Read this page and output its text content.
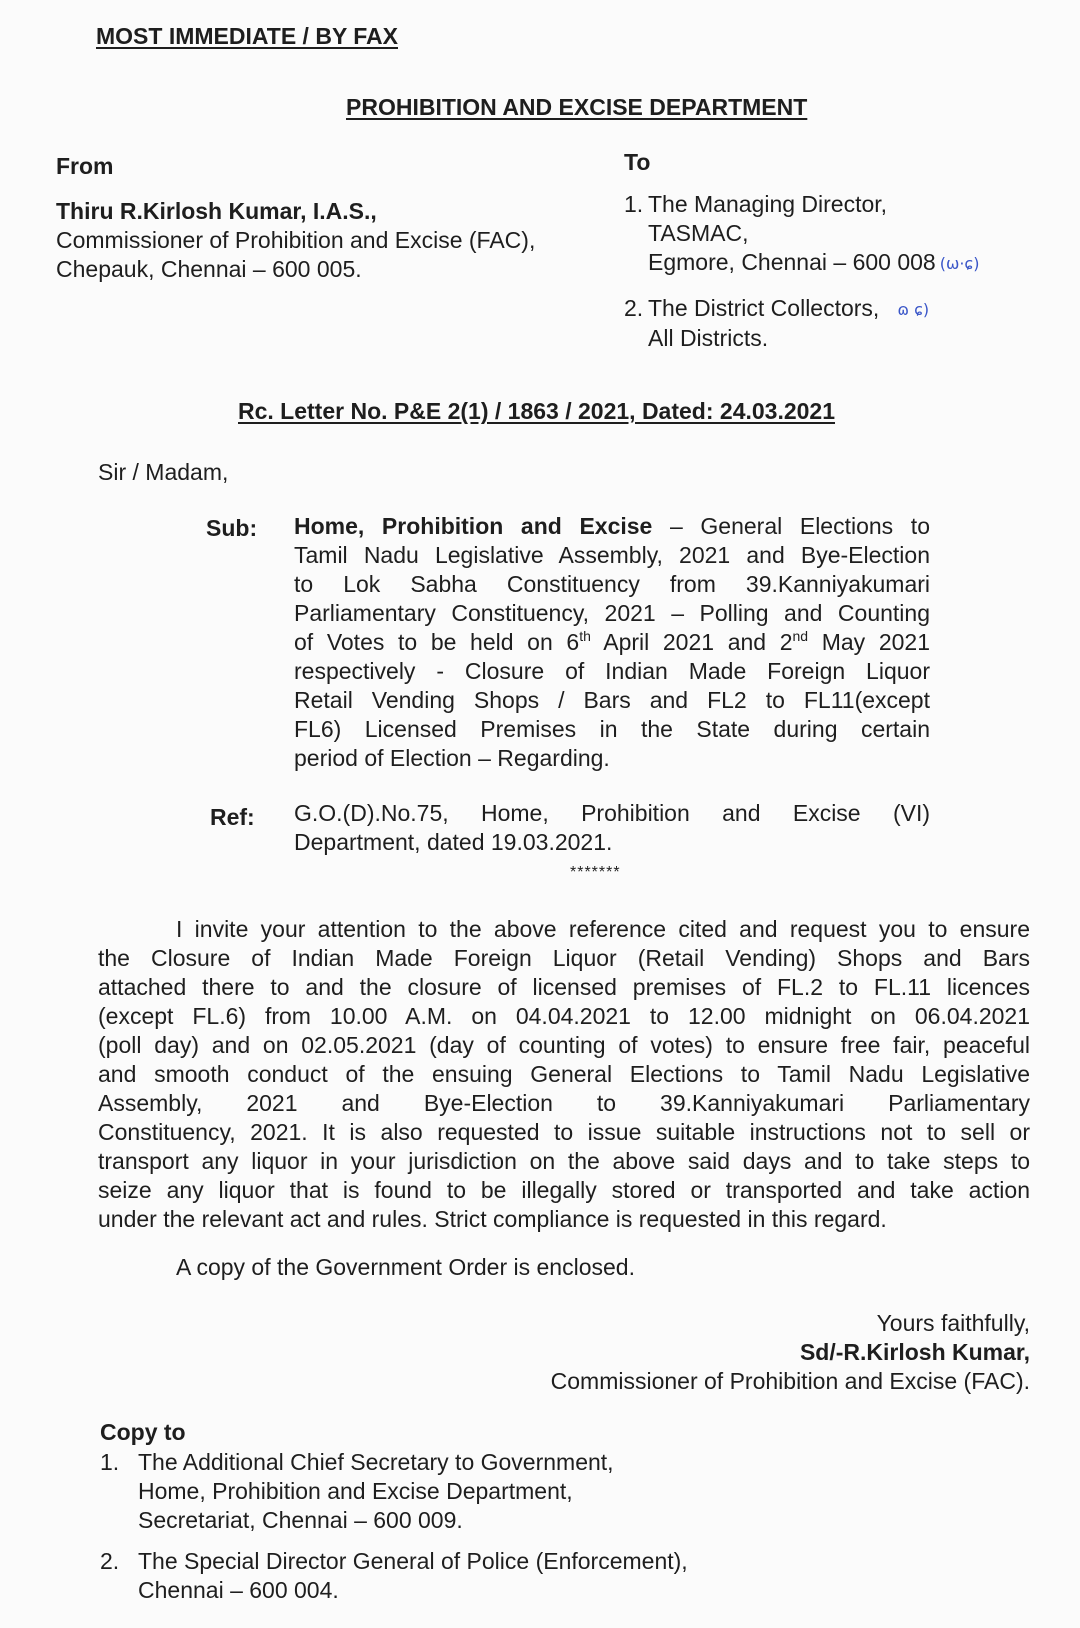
MOST IMMEDIATE / BY FAX
PROHIBITION AND EXCISE DEPARTMENT
From	To
Thiru R.Kirlosh Kumar, I.A.S.,
Commissioner of Prohibition and Excise (FAC),
Chepauk, Chennai – 600 005.
1. The Managing Director,
TASMAC,
Egmore, Chennai – 600 008 (ω·ɕ)
2. The District Collectors, ɷ ɕ)
All Districts.
Rc. Letter No. P&E 2(1) / 1863 / 2021, Dated: 24.03.2021
Sir / Madam,
Sub: Home, Prohibition and Excise – General Elections to
Tamil Nadu Legislative Assembly, 2021 and Bye-Election
to Lok Sabha Constituency from 39.Kanniyakumari
Parliamentary Constituency, 2021 – Polling and Counting
of Votes to be held on 6th April 2021 and 2nd May 2021
respectively - Closure of Indian Made Foreign Liquor
Retail Vending Shops / Bars and FL2 to FL11(except
FL6) Licensed Premises in the State during certain
period of Election – Regarding.
Ref: G.O.(D).No.75, Home, Prohibition and Excise (VI)
Department, dated 19.03.2021.
*******
I invite your attention to the above reference cited and request you to ensure
the Closure of Indian Made Foreign Liquor (Retail Vending) Shops and Bars
attached there to and the closure of licensed premises of FL.2 to FL.11 licences
(except FL.6) from 10.00 A.M. on 04.04.2021 to 12.00 midnight on 06.04.2021
(poll day) and on 02.05.2021 (day of counting of votes) to ensure free fair, peaceful
and smooth conduct of the ensuing General Elections to Tamil Nadu Legislative
Assembly, 2021 and Bye-Election to 39.Kanniyakumari Parliamentary
Constituency, 2021. It is also requested to issue suitable instructions not to sell or
transport any liquor in your jurisdiction on the above said days and to take steps to
seize any liquor that is found to be illegally stored or transported and take action
under the relevant act and rules. Strict compliance is requested in this regard.
A copy of the Government Order is enclosed.
Yours faithfully,
Sd/-R.Kirlosh Kumar,
Commissioner of Prohibition and Excise (FAC).
Copy to
1. The Additional Chief Secretary to Government,
Home, Prohibition and Excise Department,
Secretariat, Chennai – 600 009.
2. The Special Director General of Police (Enforcement),
Chennai – 600 004.
